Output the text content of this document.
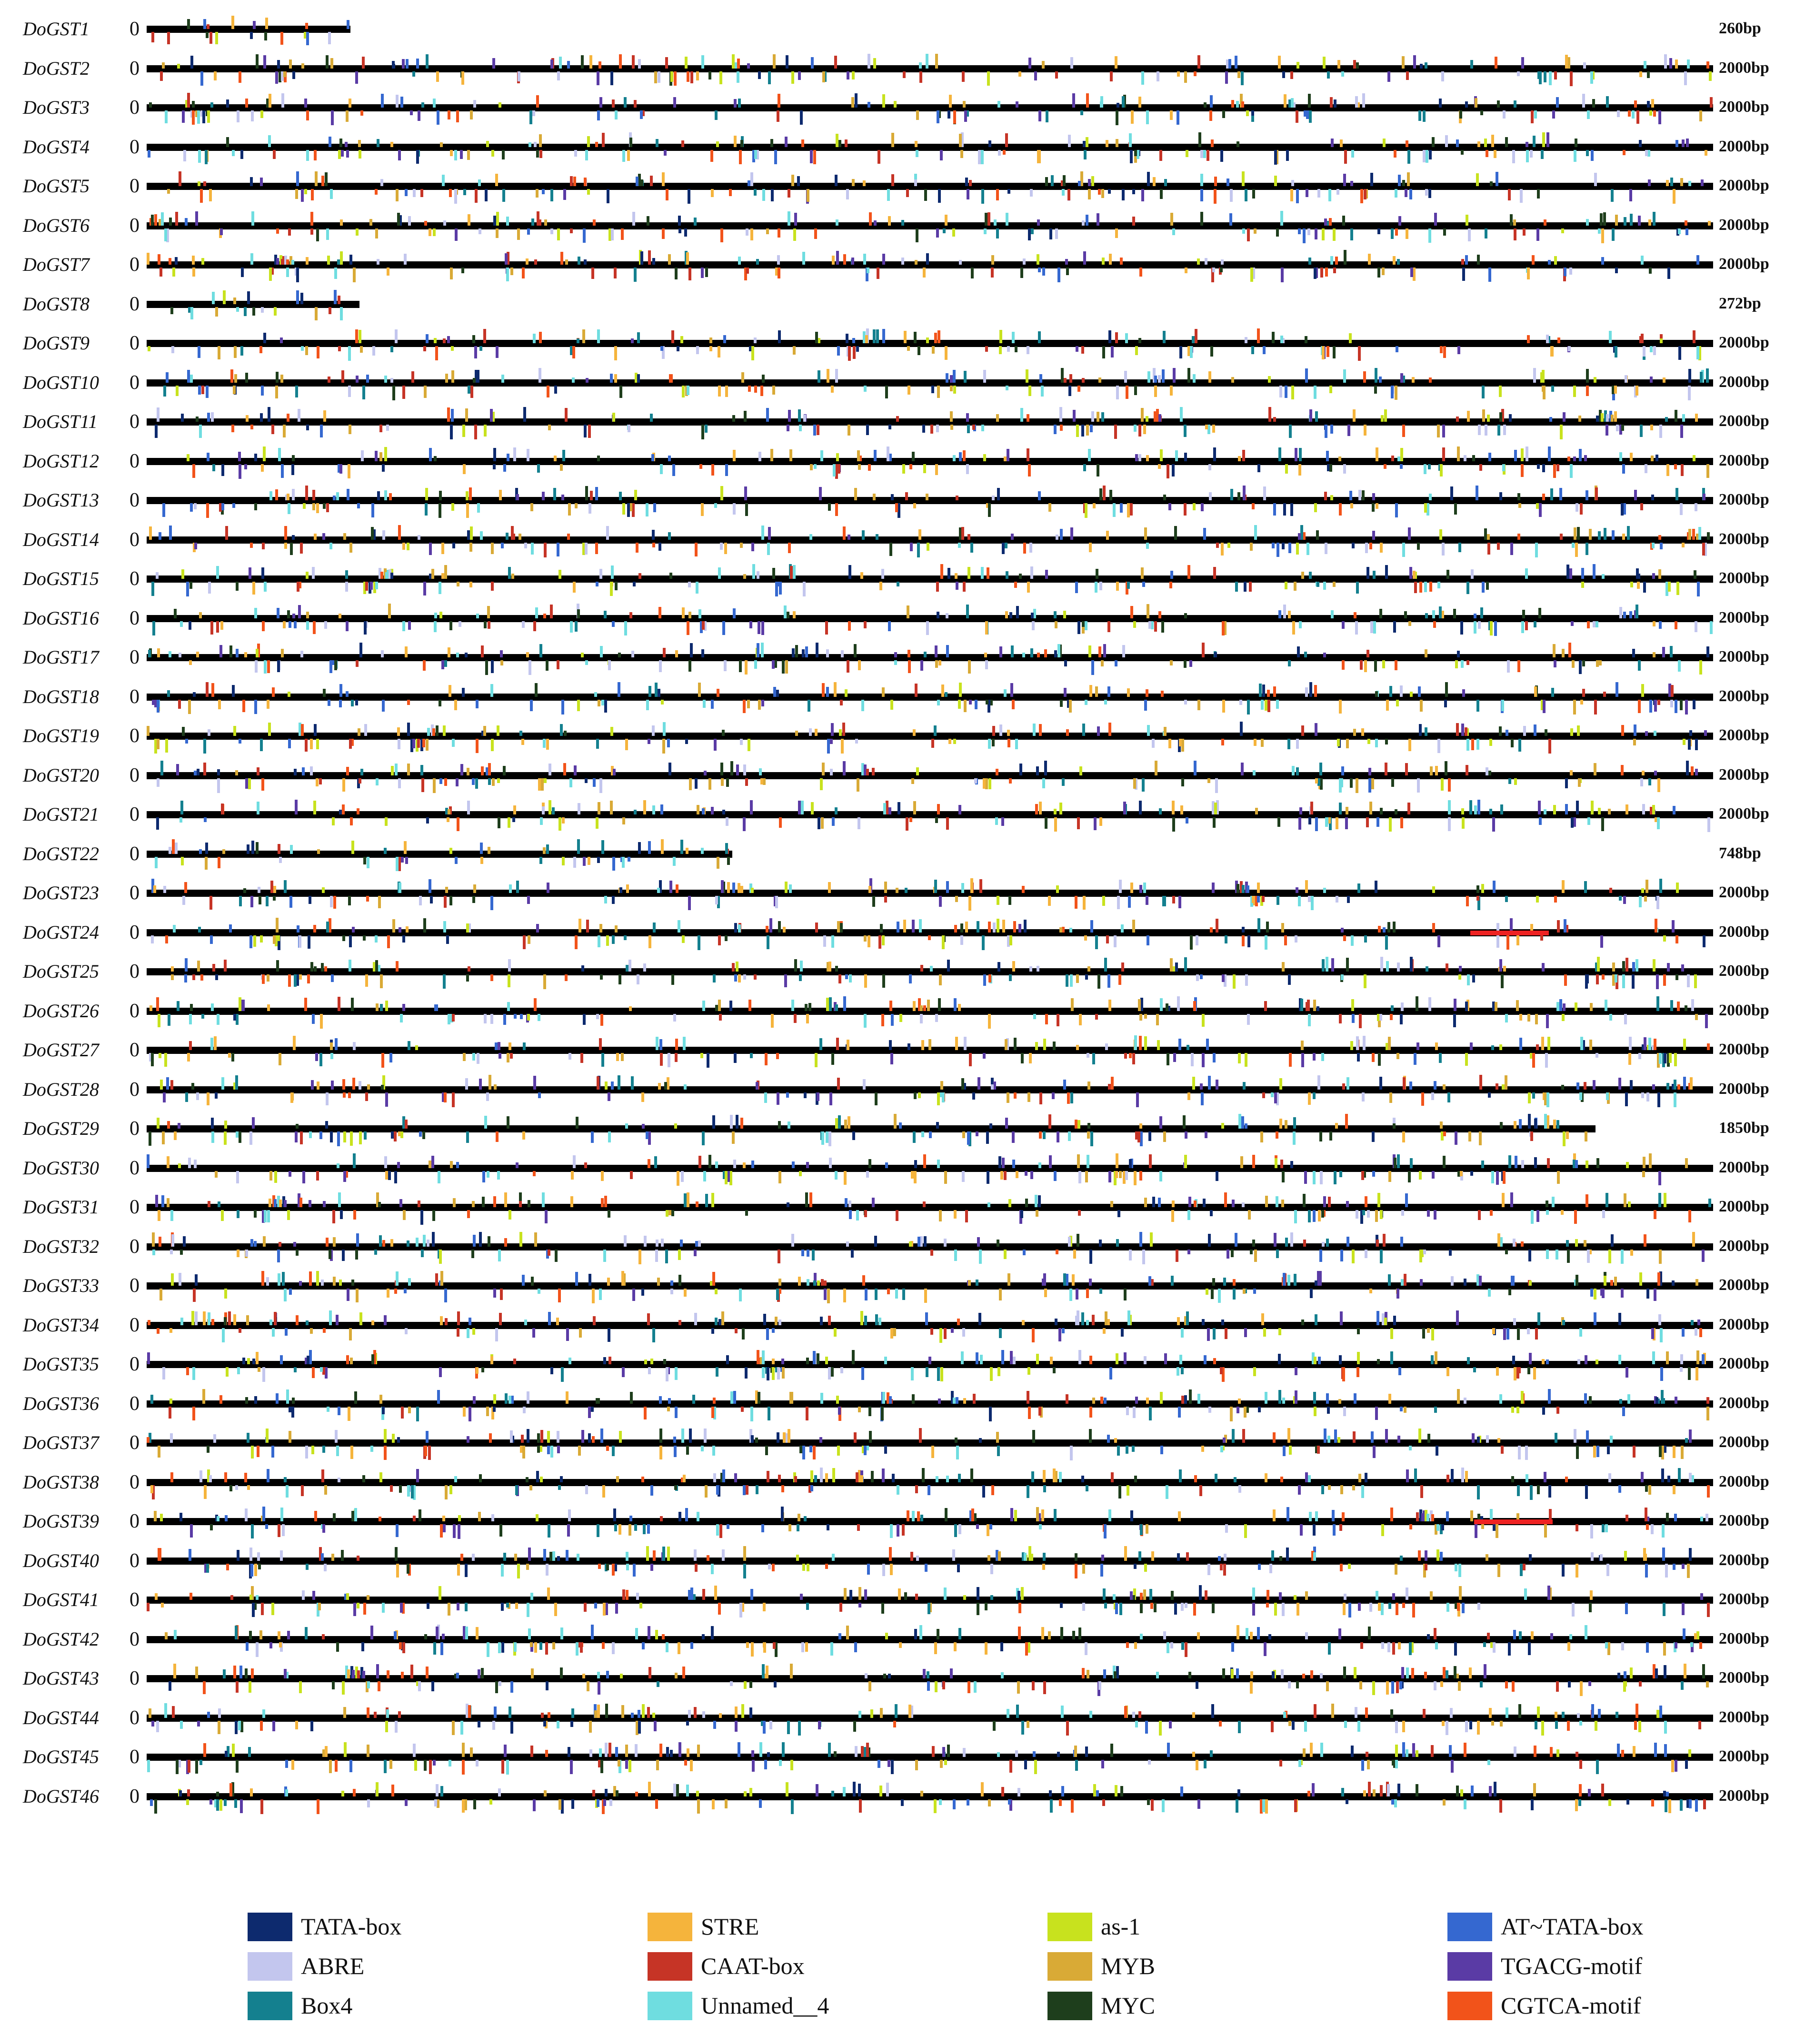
DoGST1 0	260bp
DoGST2 0	2000bp
DoGST3 0	2000bp
DoGST4 0	2000bp
DoGST5 0	2000bp
DoGST6 0	2000bp
DoGST7 0	2000bp
DoGST8 0	272bp
DoGST9 0	2000bp
DoGST10 0	2000bp
DoGST11 0	2000bp
DoGST12 0	2000bp
DoGST13 0	2000bp
DoGST14 0	2000bp
DoGST15 0	2000bp
DoGST16 0	2000bp
DoGST17 0	2000bp
DoGST18 0	2000bp
DoGST19 0	2000bp
DoGST20 0	2000bp
DoGST21 0	2000bp
DoGST22 0	748bp
DoGST23 0	2000bp
DoGST24 0	2000bp
DoGST25 0	2000bp
DoGST26 0	2000bp
DoGST27 0	2000bp
DoGST28 0	2000bp
DoGST29 0	1850bp
DoGST30 0	2000bp
DoGST31 0	2000bp
DoGST32 0	2000bp
DoGST33 0	2000bp
DoGST34 0	2000bp
DoGST35 0	2000bp
DoGST36 0	2000bp
DoGST37 0	2000bp
DoGST38 0	2000bp
DoGST39 0	2000bp
DoGST40 0	2000bp
DoGST41 0	2000bp
DoGST42 0	2000bp
DoGST43 0	2000bp
DoGST44 0	2000bp
DoGST45 0	2000bp
DoGST46 0	2000bp
TATA-box
ABRE
Box4
STRE
CAAT-box
Unnamed__4
as-1
MYB
MYC
AT~TATA-box
TGACG-motif
CGTCA-motif
